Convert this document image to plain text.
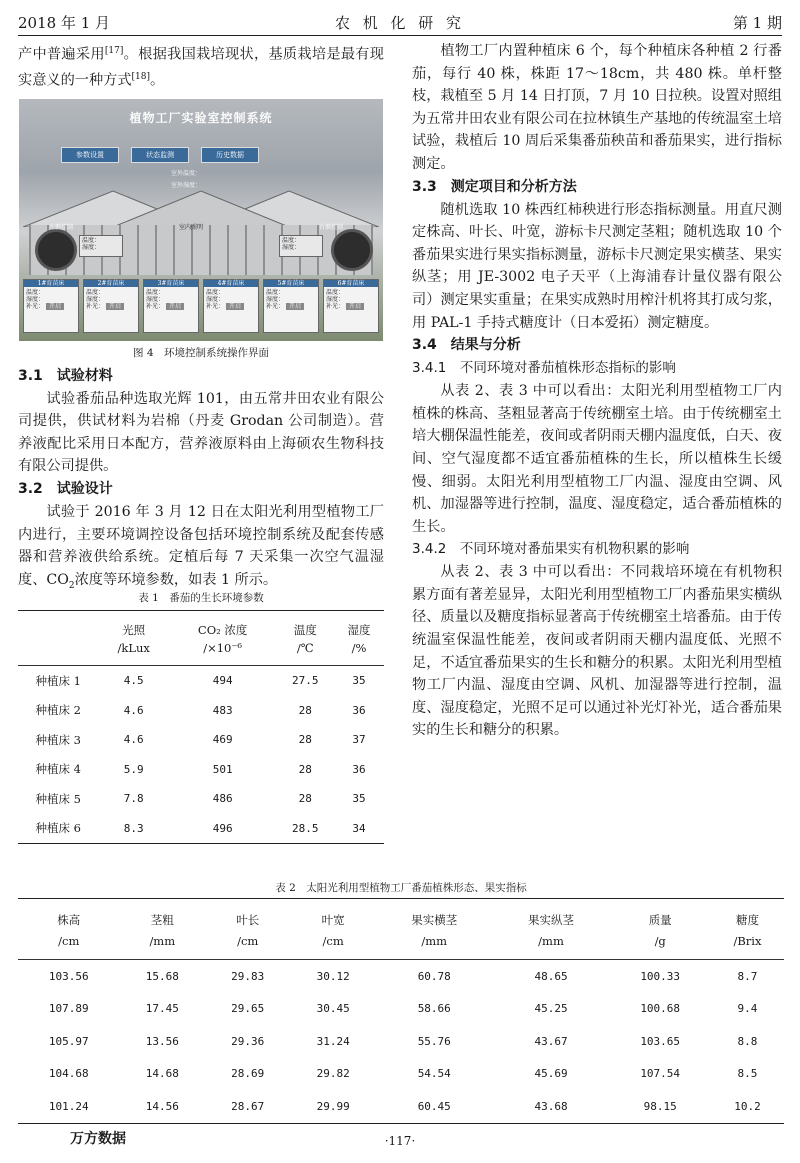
2018 年 1 月	农 机 化 研 究	第 1 期

产中普遍采用[17]。根据我国栽培现状，基质栽培是最有现实意义的一种方式[18]。

植物工厂实验室控制系统
参数设置	状态监测	历史数据
室外温度：
室外湿度：
左侧控制	右侧控制
室内照明
温度：
湿度：
温度：
湿度：
1#育苗床
温度：
湿度：
补光： 开启
2#育苗床
温度：
湿度：
补光： 开启
3#育苗床
温度：
湿度：
补光： 开启
4#育苗床
温度：
湿度：
补光： 开启
5#育苗床
温度：
湿度：
补光： 开启
6#育苗床
温度：
湿度：
补光： 开启
图 4　环境控制系统操作界面
3.1　试验材料

试验番茄品种选取光辉 101，由五常井田农业有限公司提供，供试材料为岩棉（丹麦 Grodan 公司制造）。营养液配比采用日本配方，营养液原料由上海硕农生物科技有限公司提供。

3.2　试验设计

试验于 2016 年 3 月 12 日在太阳光利用型植物工厂内进行，主要环境调控设备包括环境控制系统及配套传感器和营养液供给系统。定植后每 7 天采集一次空气温湿度、$CO_2$浓度等环境参数，如表 1 所示。

表 1　番茄的生长环境参数
	光照	CO₂ 浓度	温度	湿度
	/kLux	/×10⁻⁶	/℃	/%
种植床 1	4.5	494	27.5	35
种植床 2	4.6	483	28	36
种植床 3	4.6	469	28	37
种植床 4	5.9	501	28	36
种植床 5	7.8	486	28	35
种植床 6	8.3	496	28.5	34

植物工厂内置种植床 6 个，每个种植床各种植 2 行番茄，每行 40 株，株距 17～18cm，共 480 株。单杆整枝，栽植至 5 月 14 日打顶，7 月 10 日拉秧。设置对照组为五常井田农业有限公司在拉林镇生产基地的传统温室土培试验，栽植后 10 周后采集番茄秧苗和番茄果实，进行指标测定。

3.3　测定项目和分析方法

随机选取 10 株西红柿秧进行形态指标测量。用直尺测定株高、叶长、叶宽，游标卡尺测定茎粗；随机选取 10 个番茄果实进行果实指标测量，游标卡尺测定果实横茎、果实纵茎；用 JE-3002 电子天平（上海浦春计量仪器有限公司）测定果实重量；在果实成熟时用榨汁机将其打成匀浆，用 PAL-1 手持式糖度计（日本爱拓）测定糖度。

3.4　结果与分析
3.4.1　不同环境对番茄植株形态指标的影响

从表 2、表 3 中可以看出：太阳光利用型植物工厂内植株的株高、茎粗显著高于传统棚室土培。由于传统棚室土培大棚保温性能差，夜间或者阴雨天棚内温度低，白天、夜间、空气湿度都不适宜番茄植株的生长，所以植株生长缓慢、细弱。太阳光利用型植物工厂内温、湿度由空调、风机、加湿器等进行控制，温度、湿度稳定，适合番茄植株的生长。

3.4.2　不同环境对番茄果实有机物积累的影响

从表 2、表 3 中可以看出：不同栽培环境在有机物积累方面有著差显异，太阳光利用型植物工厂内番茄果实横纵径、质量以及糖度指标显著高于传统棚室土培番茄。由于传统温室保温性能差，夜间或者阴雨天棚内温度低、光照不足，不适宜番茄果实的生长和糖分的积累。太阳光利用型植物工厂内温、湿度由空调、风机、加湿器等进行控制，温度、湿度稳定，光照不足可以通过补光灯补光，适合番茄果实的生长和糖分的积累。

表 2　太阳光利用型植物工厂番茄植株形态、果实指标
株高	茎粗	叶长	叶宽	果实横茎	果实纵茎	质量	糖度
/cm	/mm	/cm	/cm	/mm	/mm	/g	/Brix
103.56	15.68	29.83	30.12	60.78	48.65	100.33	8.7
107.89	17.45	29.65	30.45	58.66	45.25	100.68	9.4
105.97	13.56	29.36	31.24	55.76	43.67	103.65	8.8
104.68	14.68	28.69	29.82	54.54	45.69	107.54	8.5
101.24	14.56	28.67	29.99	60.45	43.68	98.15	10.2
万方数据	·117·
